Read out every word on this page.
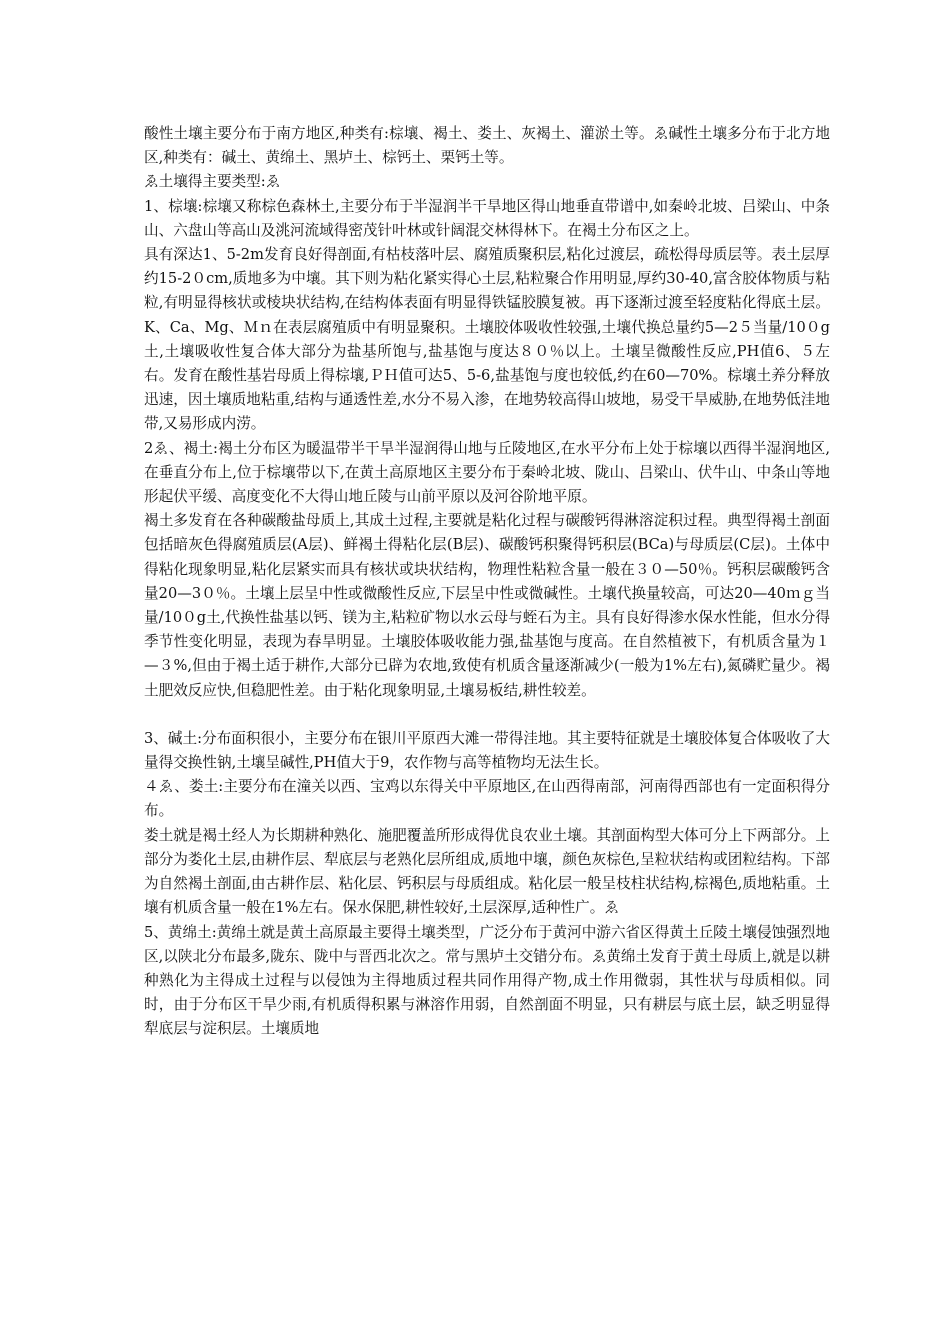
酸性土壤主要分布于南方地区,种类有:棕壤、褐土、娄土、灰褐土、灌淤土等。ゑ碱性土壤多分布于北方地区,种类有：碱土、黄绵土、黑垆土、棕钙土、栗钙土等。

ゑ土壤得主要类型:ゑ

1、棕壤:棕壤又称棕色森林土,主要分布于半湿润半干旱地区得山地垂直带谱中,如秦岭北坡、吕梁山、中条山、六盘山等高山及洮河流域得密茂针叶林或针阔混交林得林下。在褐土分布区之上。

具有深达1、5-2m发育良好得剖面,有枯枝落叶层、腐殖质聚积层,粘化过渡层，疏松得母质层等。表土层厚约15-2０cm,质地多为中壤。其下则为粘化紧实得心土层,粘粒聚合作用明显,厚约30-40,富含胶体物质与粘粒,有明显得核状或棱块状结构,在结构体表面有明显得铁锰胶膜复被。再下逐渐过渡至轻度粘化得底土层。K、Ca、Mg、Ｍｎ在表层腐殖质中有明显聚积。土壤胶体吸收性较强,土壤代换总量约5—2５当量/10０g土,土壤吸收性复合体大部分为盐基所饱与,盐基饱与度达８０％以上。土壤呈微酸性反应,PH值6、５左右。发育在酸性基岩母质上得棕壤,ＰＨ值可达5、5-6,盐基饱与度也较低,约在60—70%。棕壤土养分释放迅速，因土壤质地粘重,结构与通透性差,水分不易入渗，在地势较高得山坡地，易受干旱威胁,在地势低洼地带,又易形成内涝。

2ゑ、褐土:褐土分布区为暖温带半干旱半湿润得山地与丘陵地区,在水平分布上处于棕壤以西得半湿润地区,在垂直分布上,位于棕壤带以下,在黄土高原地区主要分布于秦岭北坡、陇山、吕梁山、伏牛山、中条山等地形起伏平缓、高度变化不大得山地丘陵与山前平原以及河谷阶地平原。

褐土多发育在各种碳酸盐母质上,其成土过程,主要就是粘化过程与碳酸钙得淋溶淀积过程。典型得褐土剖面包括暗灰色得腐殖质层(A层)、鲜褐土得粘化层(B层)、碳酸钙积聚得钙积层(BCa)与母质层(C层)。土体中得粘化现象明显,粘化层紧实而具有核状或块状结构，物理性粘粒含量一般在３０—50％。钙积层碳酸钙含量20—3０％。土壤上层呈中性或微酸性反应,下层呈中性或微碱性。土壤代换量较高，可达20—40ｍｇ当量/10０g土,代换性盐基以钙、镁为主,粘粒矿物以水云母与蛭石为主。具有良好得渗水保水性能，但水分得季节性变化明显，表现为春旱明显。土壤胶体吸收能力强,盐基饱与度高。在自然植被下，有机质含量为１—３%,但由于褐土适于耕作,大部分已辟为农地,致使有机质含量逐渐减少(一般为1%左右),氮磷贮量少。褐土肥效反应快,但稳肥性差。由于粘化现象明显,土壤易板结,耕性较差。

3、碱土:分布面积很小，主要分布在银川平原西大滩一带得洼地。其主要特征就是土壤胶体复合体吸收了大量得交换性钠,土壤呈碱性,PH值大于9，农作物与高等植物均无法生长。

４ゑ、娄土:主要分布在潼关以西、宝鸡以东得关中平原地区,在山西得南部，河南得西部也有一定面积得分布。

娄土就是褐土经人为长期耕种熟化、施肥覆盖所形成得优良农业土壤。其剖面构型大体可分上下两部分。上部分为娄化土层,由耕作层、犁底层与老熟化层所组成,质地中壤，颜色灰棕色,呈粒状结构或团粒结构。下部为自然褐土剖面,由古耕作层、粘化层、钙积层与母质组成。粘化层一般呈枝柱状结构,棕褐色,质地粘重。土壤有机质含量一般在1%左右。保水保肥,耕性较好,土层深厚,适种性广。ゑ

5、黄绵土:黄绵土就是黄土高原最主要得土壤类型，广泛分布于黄河中游六省区得黄土丘陵土壤侵蚀强烈地区,以陕北分布最多,陇东、陇中与晋西北次之。常与黑垆土交错分布。ゑ黄绵土发育于黄土母质上,就是以耕种熟化为主得成土过程与以侵蚀为主得地质过程共同作用得产物,成土作用微弱，其性状与母质相似。同时，由于分布区干旱少雨,有机质得积累与淋溶作用弱，自然剖面不明显，只有耕层与底土层，缺乏明显得犁底层与淀积层。土壤质地
